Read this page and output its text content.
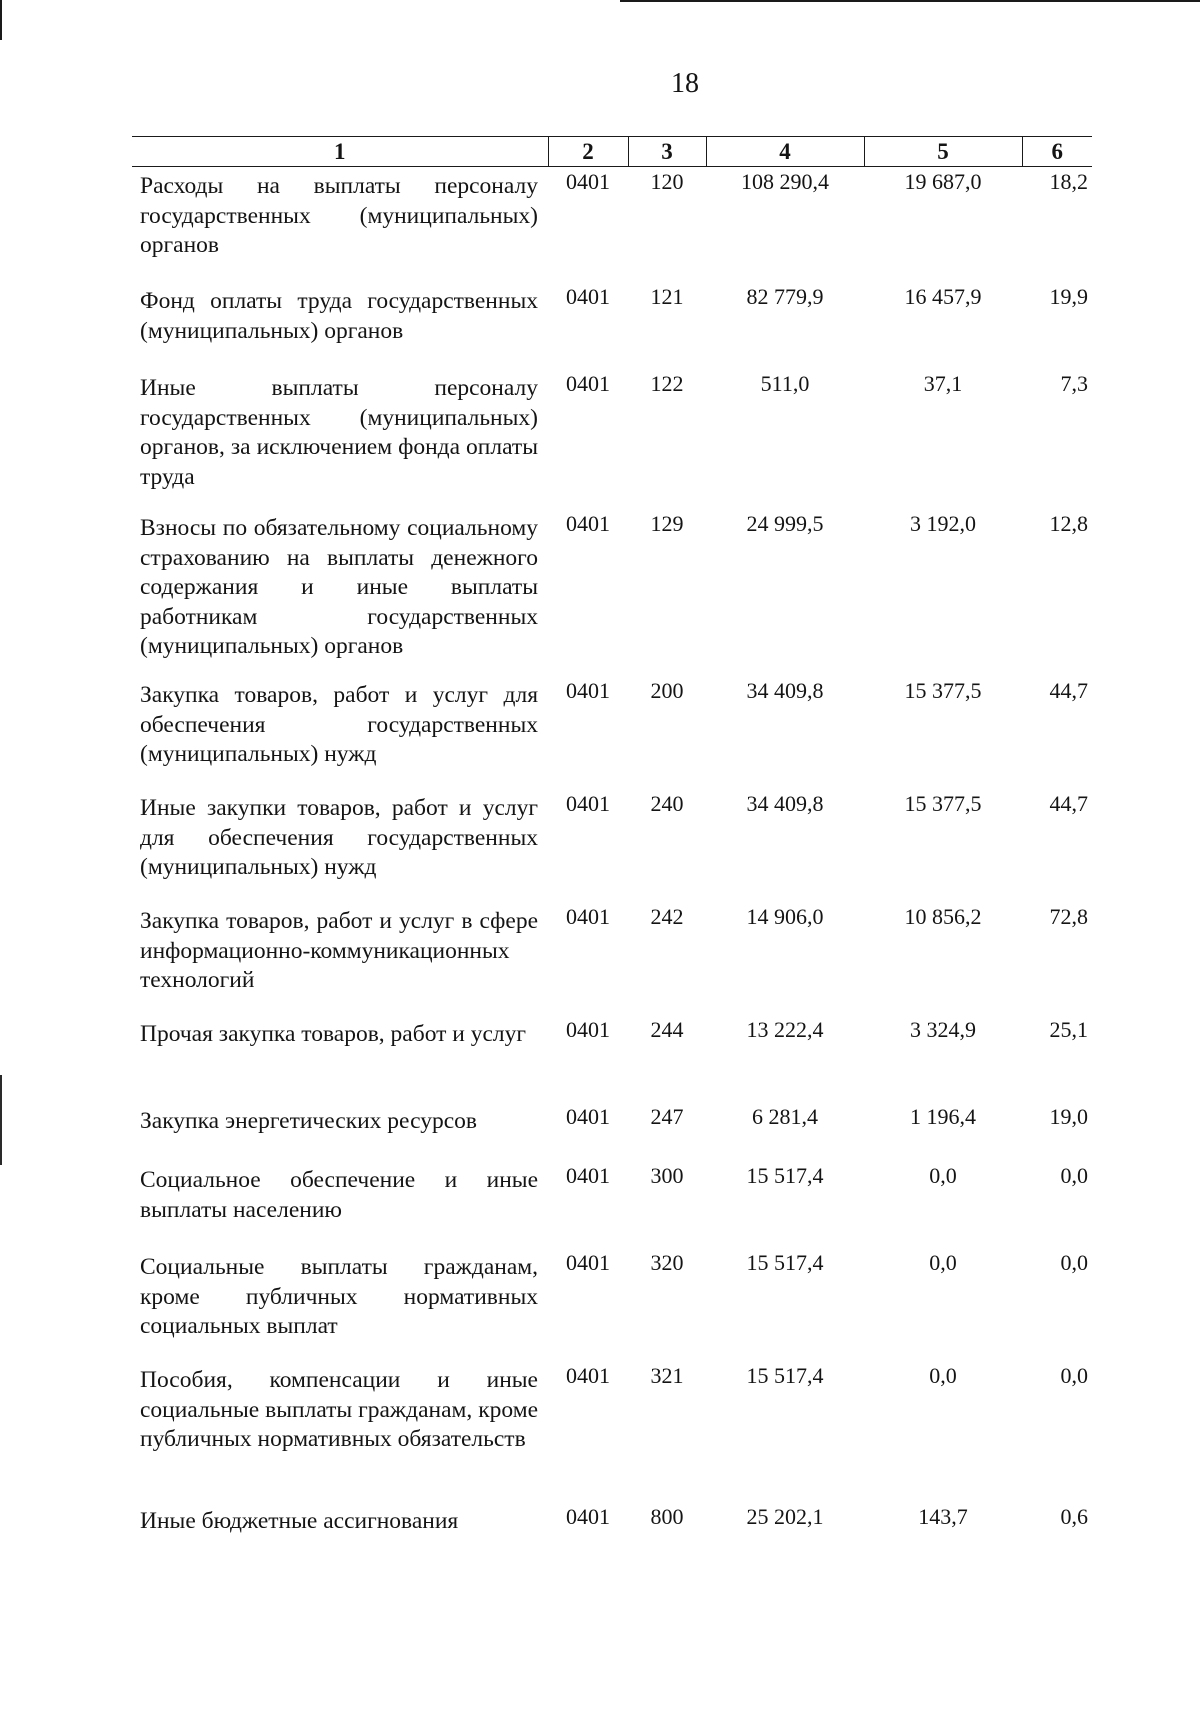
18
1	2	3	4	5	6
Расходы на выплаты персоналу государственных (муниципальных) органов	0401	120	108 290,4	19 687,0	18,2
Фонд оплаты труда государственных (муниципальных) органов	0401	121	82 779,9	16 457,9	19,9
Иные выплаты персоналу государственных (муниципальных) органов, за исключением фонда оплаты труда	0401	122	511,0	37,1	7,3
Взносы по обязательному социальному страхованию на выплаты денежного содержания и иные выплаты работникам государственных (муниципальных) органов	0401	129	24 999,5	3 192,0	12,8
Закупка товаров, работ и услуг для обеспечения государственных (муниципальных) нужд	0401	200	34 409,8	15 377,5	44,7
Иные закупки товаров, работ и услуг для обеспечения государственных (муниципальных) нужд	0401	240	34 409,8	15 377,5	44,7
Закупка товаров, работ и услуг в сфере информационно-коммуникационных технологий	0401	242	14 906,0	10 856,2	72,8
Прочая закупка товаров, работ и услуг	0401	244	13 222,4	3 324,9	25,1
Закупка энергетических ресурсов	0401	247	6 281,4	1 196,4	19,0
Социальное обеспечение и иные выплаты населению	0401	300	15 517,4	0,0	0,0
Социальные выплаты гражданам, кроме публичных нормативных социальных выплат	0401	320	15 517,4	0,0	0,0
Пособия, компенсации и иные социальные выплаты гражданам, кроме публичных нормативных обязательств	0401	321	15 517,4	0,0	0,0
Иные бюджетные ассигнования	0401	800	25 202,1	143,7	0,6
